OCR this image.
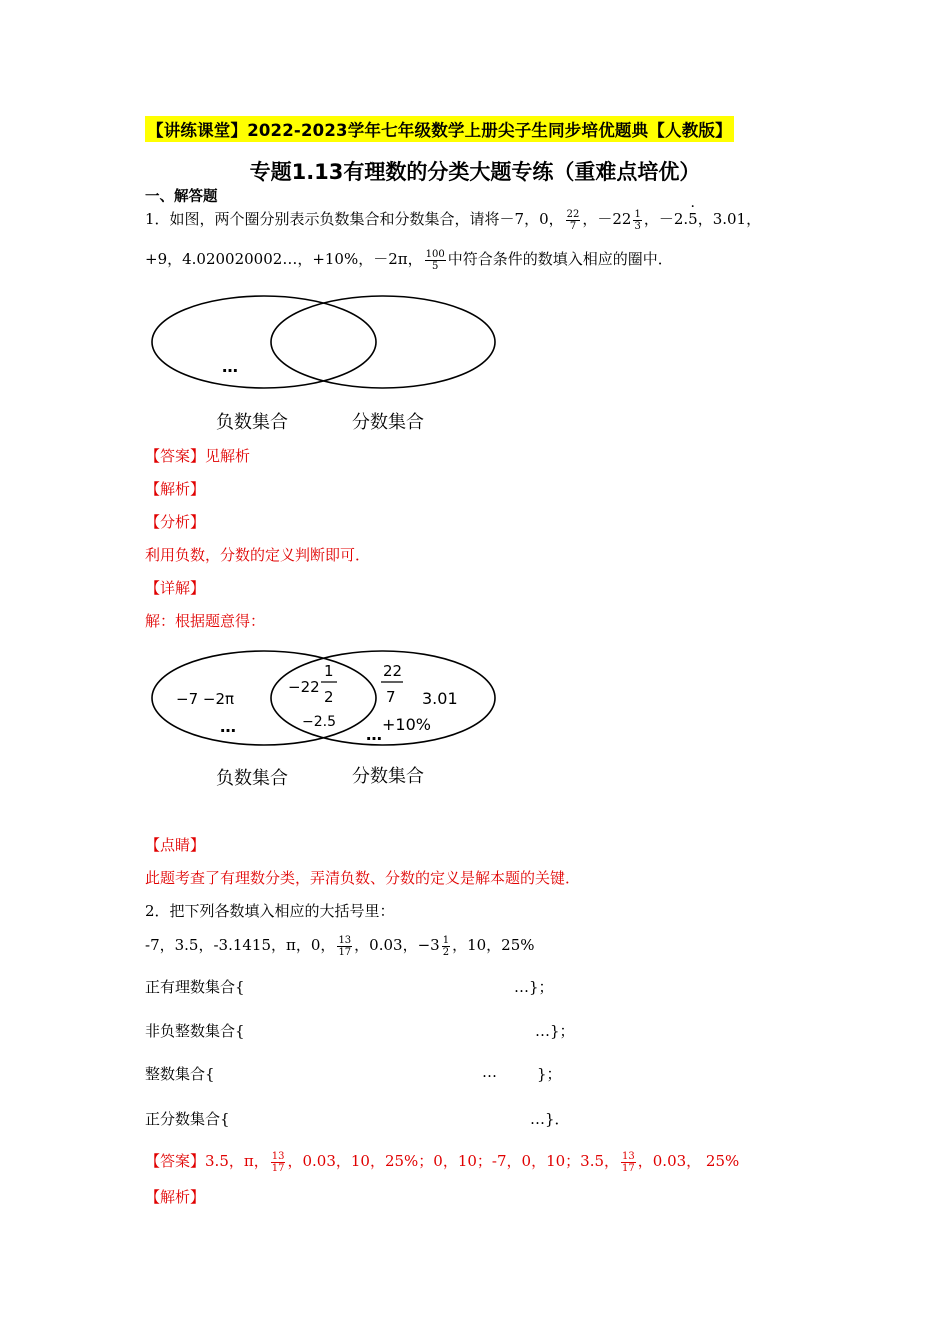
【讲练课堂】2022-2023学年七年级数学上册尖子生同步培优题典【人教版】
专题1.13有理数的分类大题专练（重难点培优）
一、解答题
1．如图，两个圈分别表示负数集合和分数集合，请将－7，0， $\frac{22}{7}$ ，$-22 \frac{1}{3}$ ，－2.5 ·，3.01，
+9，4.020020002…，+10%，－2π， $\frac{100}{5}$ 中符合条件的数填入相应的圈中．
…
负数集合	分数集合
【答案】见解析
【解析】
【分析】
利用负数，分数的定义判断即可．
【详解】
解：根据题意得：
−7 −2π
…
−22
1
2
−2.5
22
7 3.01
+10%
…
负数集合	分数集合
【点睛】
此题考查了有理数分类，弄清负数、分数的定义是解本题的关键．
2．把下列各数填入相应的大括号里：
-7，3.5，-3.1415，π，0， $\frac{13}{17}$ ，0.03，$-3 \frac{1}{2}$ ，10，25%
正有理数集合{	…}；
非负整数集合{	…}；
整数集合{	…	}；
正分数集合{	…}．
【答案】3.5，π， $\frac{13}{17}$ ，0.03，10，25%；0，10；-7，0，10；3.5， $\frac{13}{17}$ ，0.03， 25%
【解析】
